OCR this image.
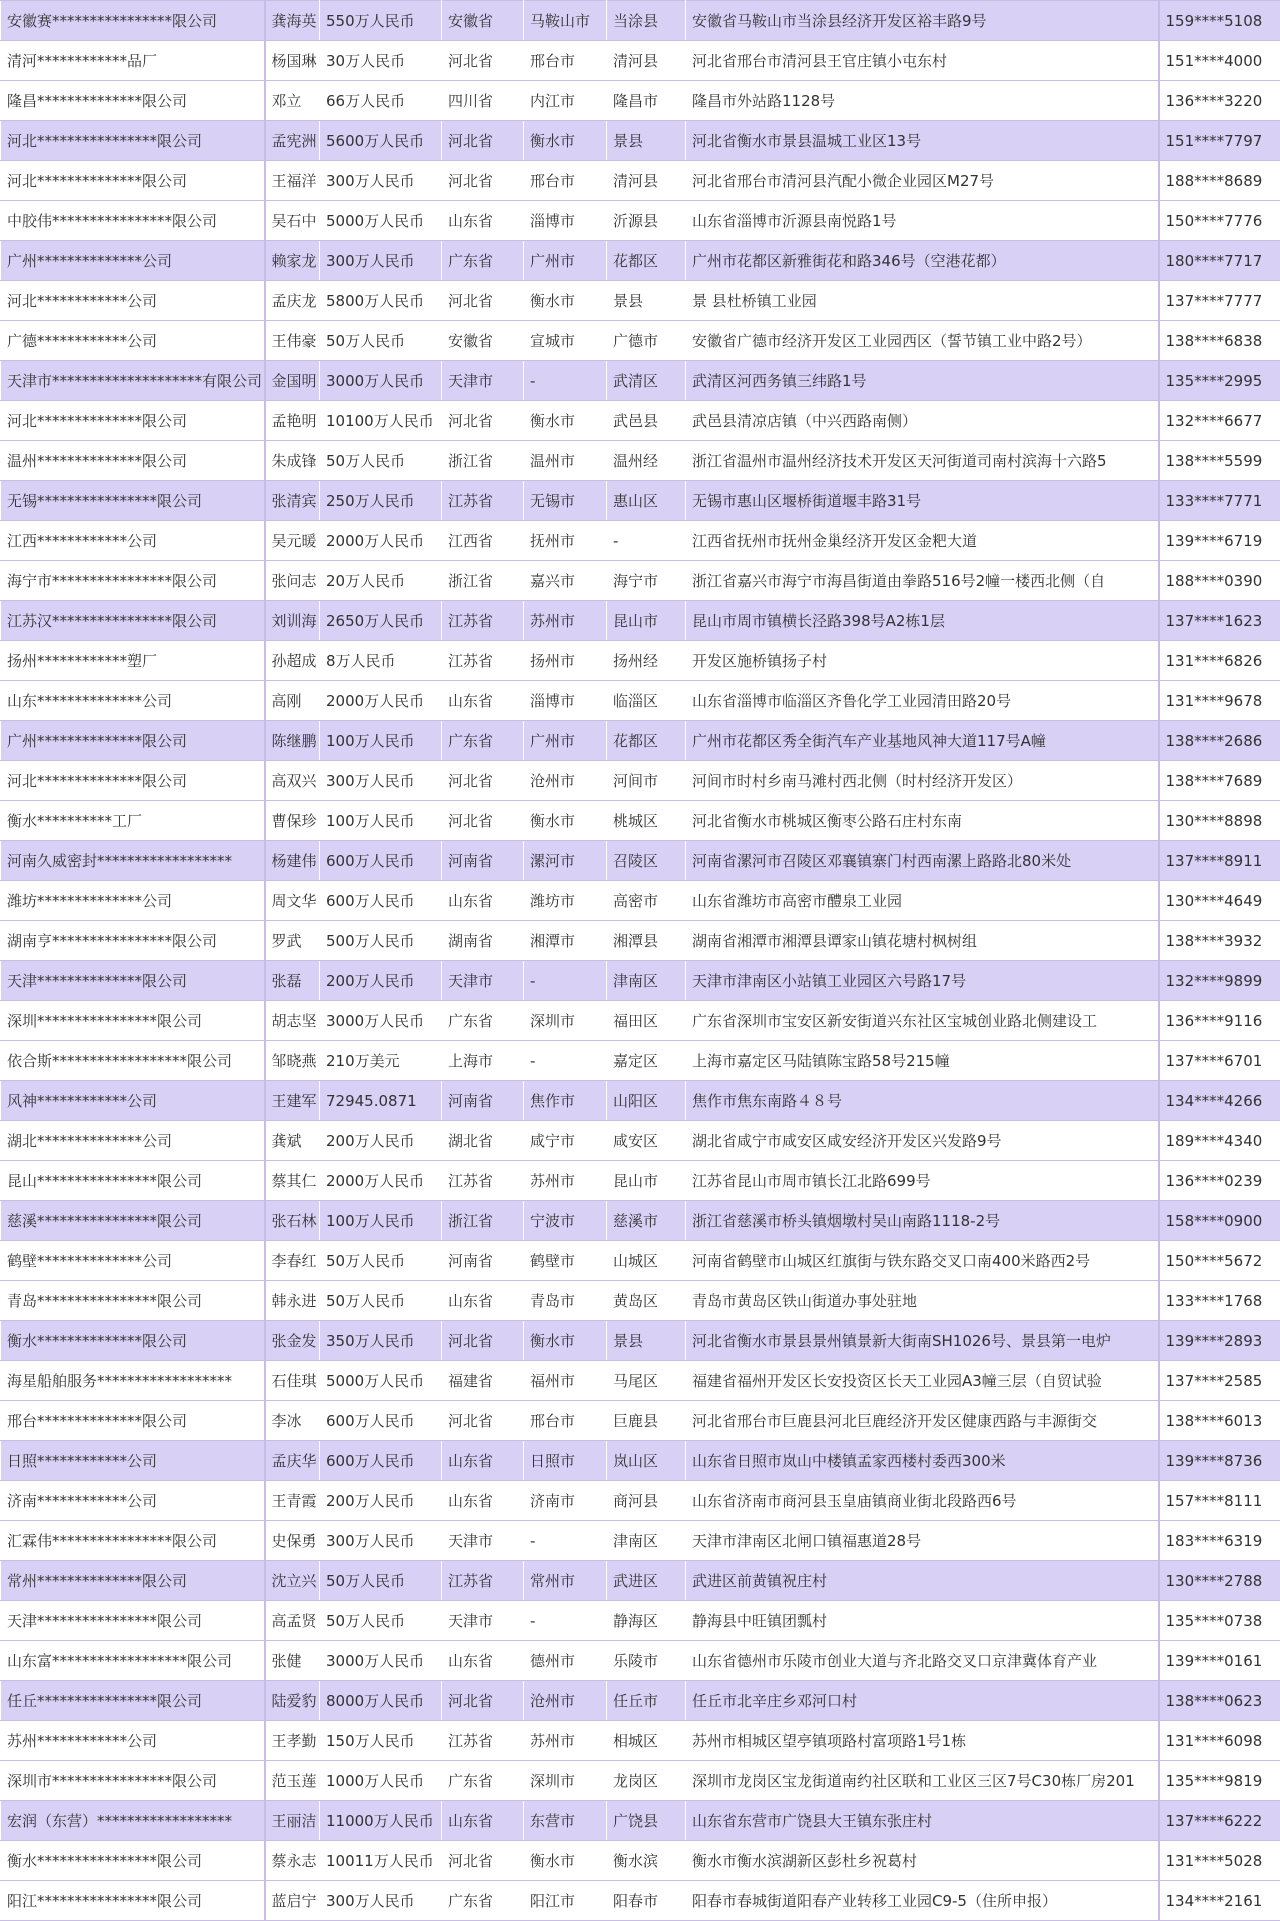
安徽赛****************限公司	龚海英	550万人民币	安徽省	马鞍山市	当涂县	安徽省马鞍山市当涂县经济开发区裕丰路9号	159****5108
清河************品厂	杨国琳	30万人民币	河北省	邢台市	清河县	河北省邢台市清河县王官庄镇小屯东村	151****4000
隆昌**************限公司	邓立	66万人民币	四川省	内江市	隆昌市	隆昌市外站路1128号	136****3220
河北****************限公司	孟宪洲	5600万人民币	河北省	衡水市	景县	河北省衡水市景县温城工业区13号	151****7797
河北**************限公司	王福洋	300万人民币	河北省	邢台市	清河县	河北省邢台市清河县汽配小微企业园区M27号	188****8689
中胶伟****************限公司	吴石中	5000万人民币	山东省	淄博市	沂源县	山东省淄博市沂源县南悦路1号	150****7776
广州**************公司	赖家龙	300万人民币	广东省	广州市	花都区	广州市花都区新雅街花和路346号（空港花都）	180****7717
河北************公司	孟庆龙	5800万人民币	河北省	衡水市	景县	景 县杜桥镇工业园	137****7777
广德************公司	王伟豪	50万人民币	安徽省	宣城市	广德市	安徽省广德市经济开发区工业园西区（誓节镇工业中路2号）	138****6838
天津市********************有限公司	金国明	3000万人民币	天津市	-	武清区	武清区河西务镇三纬路1号	135****2995
河北**************限公司	孟艳明	10100万人民币	河北省	衡水市	武邑县	武邑县清凉店镇（中兴西路南侧）	132****6677
温州**************限公司	朱成锋	50万人民币	浙江省	温州市	温州经	浙江省温州市温州经济技术开发区天河街道司南村滨海十六路5	138****5599
无锡****************限公司	张清宾	250万人民币	江苏省	无锡市	惠山区	无锡市惠山区堰桥街道堰丰路31号	133****7771
江西************公司	吴元暖	2000万人民币	江西省	抚州市	-	江西省抚州市抚州金巢经济开发区金粑大道	139****6719
海宁市****************限公司	张问志	20万人民币	浙江省	嘉兴市	海宁市	浙江省嘉兴市海宁市海昌街道由拳路516号2幢一楼西北侧（自	188****0390
江苏汉****************限公司	刘训海	2650万人民币	江苏省	苏州市	昆山市	昆山市周市镇横长泾路398号A2栋1层	137****1623
扬州************塑厂	孙超成	8万人民币	江苏省	扬州市	扬州经	开发区施桥镇扬子村	131****6826
山东**************公司	高刚	2000万人民币	山东省	淄博市	临淄区	山东省淄博市临淄区齐鲁化学工业园清田路20号	131****9678
广州**************限公司	陈继鹏	100万人民币	广东省	广州市	花都区	广州市花都区秀全街汽车产业基地风神大道117号A幢	138****2686
河北**************限公司	高双兴	300万人民币	河北省	沧州市	河间市	河间市时村乡南马滩村西北侧（时村经济开发区）	138****7689
衡水**********工厂	曹保珍	100万人民币	河北省	衡水市	桃城区	河北省衡水市桃城区衡枣公路石庄村东南	130****8898
河南久威密封******************	杨建伟	600万人民币	河南省	漯河市	召陵区	河南省漯河市召陵区邓襄镇寨门村西南漯上路路北80米处	137****8911
潍坊**************公司	周文华	600万人民币	山东省	潍坊市	高密市	山东省潍坊市高密市醴泉工业园	130****4649
湖南亨****************限公司	罗武	500万人民币	湖南省	湘潭市	湘潭县	湖南省湘潭市湘潭县谭家山镇花塘村枫树组	138****3932
天津**************限公司	张磊	200万人民币	天津市	-	津南区	天津市津南区小站镇工业园区六号路17号	132****9899
深圳****************限公司	胡志坚	3000万人民币	广东省	深圳市	福田区	广东省深圳市宝安区新安街道兴东社区宝城创业路北侧建设工	136****9116
依合斯******************限公司	邹晓燕	210万美元	上海市	-	嘉定区	上海市嘉定区马陆镇陈宝路58号215幢	137****6701
风神************公司	王建军	72945.0871	河南省	焦作市	山阳区	焦作市焦东南路４８号	134****4266
湖北**************公司	龚斌	200万人民币	湖北省	咸宁市	咸安区	湖北省咸宁市咸安区咸安经济开发区兴发路9号	189****4340
昆山****************限公司	蔡其仁	2000万人民币	江苏省	苏州市	昆山市	江苏省昆山市周市镇长江北路699号	136****0239
慈溪****************限公司	张石林	100万人民币	浙江省	宁波市	慈溪市	浙江省慈溪市桥头镇烟墩村吴山南路1118-2号	158****0900
鹤壁**************公司	李春红	50万人民币	河南省	鹤壁市	山城区	河南省鹤壁市山城区红旗街与铁东路交叉口南400米路西2号	150****5672
青岛****************限公司	韩永进	50万人民币	山东省	青岛市	黄岛区	青岛市黄岛区铁山街道办事处驻地	133****1768
衡水**************限公司	张金发	350万人民币	河北省	衡水市	景县	河北省衡水市景县景州镇景新大街南SH1026号、景县第一电炉	139****2893
海星船舶服务******************	石佳琪	5000万人民币	福建省	福州市	马尾区	福建省福州开发区长安投资区长天工业园A3幢三层（自贸试验	137****2585
邢台**************限公司	李冰	600万人民币	河北省	邢台市	巨鹿县	河北省邢台市巨鹿县河北巨鹿经济开发区健康西路与丰源街交	138****6013
日照************公司	孟庆华	600万人民币	山东省	日照市	岚山区	山东省日照市岚山中楼镇孟家西楼村委西300米	139****8736
济南************公司	王青霞	200万人民币	山东省	济南市	商河县	山东省济南市商河县玉皇庙镇商业街北段路西6号	157****8111
汇霖伟****************限公司	史保勇	300万人民币	天津市	-	津南区	天津市津南区北闸口镇福惠道28号	183****6319
常州**************限公司	沈立兴	50万人民币	江苏省	常州市	武进区	武进区前黄镇祝庄村	130****2788
天津****************限公司	高孟贤	50万人民币	天津市	-	静海区	静海县中旺镇团瓢村	135****0738
山东富******************限公司	张健	3000万人民币	山东省	德州市	乐陵市	山东省德州市乐陵市创业大道与齐北路交叉口京津冀体育产业	139****0161
任丘****************限公司	陆爱豹	8000万人民币	河北省	沧州市	任丘市	任丘市北辛庄乡邓河口村	138****0623
苏州************公司	王孝勤	150万人民币	江苏省	苏州市	相城区	苏州市相城区望亭镇项路村富项路1号1栋	131****6098
深圳市****************限公司	范玉莲	1000万人民币	广东省	深圳市	龙岗区	深圳市龙岗区宝龙街道南约社区联和工业区三区7号C30栋厂房201	135****9819
宏润（东营）******************	王丽洁	11000万人民币	山东省	东营市	广饶县	山东省东营市广饶县大王镇东张庄村	137****6222
衡水****************限公司	蔡永志	10011万人民币	河北省	衡水市	衡水滨	衡水市衡水滨湖新区彭杜乡祝葛村	131****5028
阳江****************限公司	蓝启宁	300万人民币	广东省	阳江市	阳春市	阳春市春城街道阳春产业转移工业园C9-5（住所申报）	134****2161
